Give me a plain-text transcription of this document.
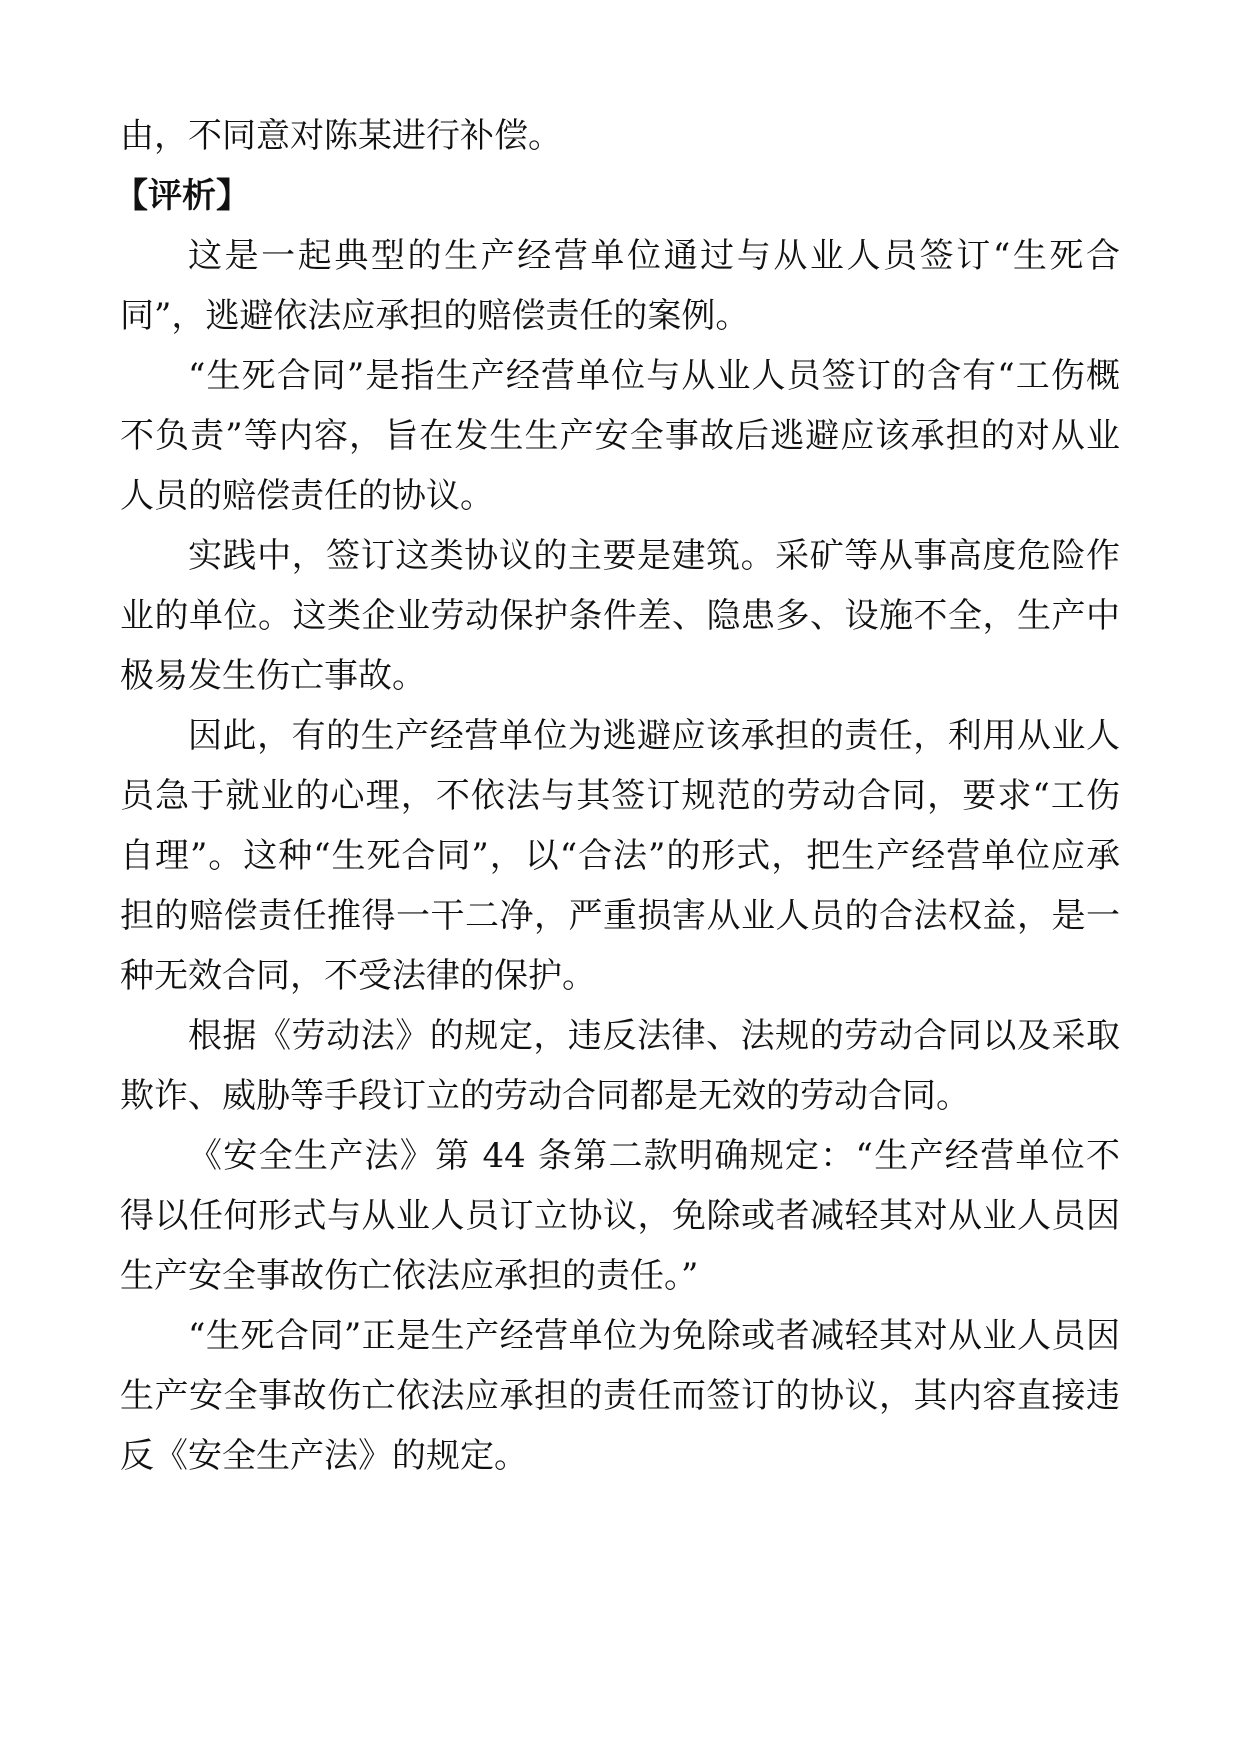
由，不同意对陈某进行补偿。

【评析】

这是一起典型的生产经营单位通过与从业人员签订“生死合同”，逃避依法应承担的赔偿责任的案例。

“生死合同”是指生产经营单位与从业人员签订的含有“工伤概不负责”等内容，旨在发生生产安全事故后逃避应该承担的对从业人员的赔偿责任的协议。

实践中，签订这类协议的主要是建筑。采矿等从事高度危险作业的单位。这类企业劳动保护条件差、隐患多、设施不全，生产中极易发生伤亡事故。

因此，有的生产经营单位为逃避应该承担的责任，利用从业人员急于就业的心理，不依法与其签订规范的劳动合同，要求“工伤自理”。这种“生死合同”，以“合法”的形式，把生产经营单位应承担的赔偿责任推得一干二净，严重损害从业人员的合法权益，是一种无效合同，不受法律的保护。

根据《劳动法》的规定，违反法律、法规的劳动合同以及采取欺诈、威胁等手段订立的劳动合同都是无效的劳动合同。

《安全生产法》第 44 条第二款明确规定：“生产经营单位不得以任何形式与从业人员订立协议，免除或者减轻其对从业人员因生产安全事故伤亡依法应承担的责任。”

“生死合同”正是生产经营单位为免除或者减轻其对从业人员因生产安全事故伤亡依法应承担的责任而签订的协议，其内容直接违反《安全生产法》的规定。
